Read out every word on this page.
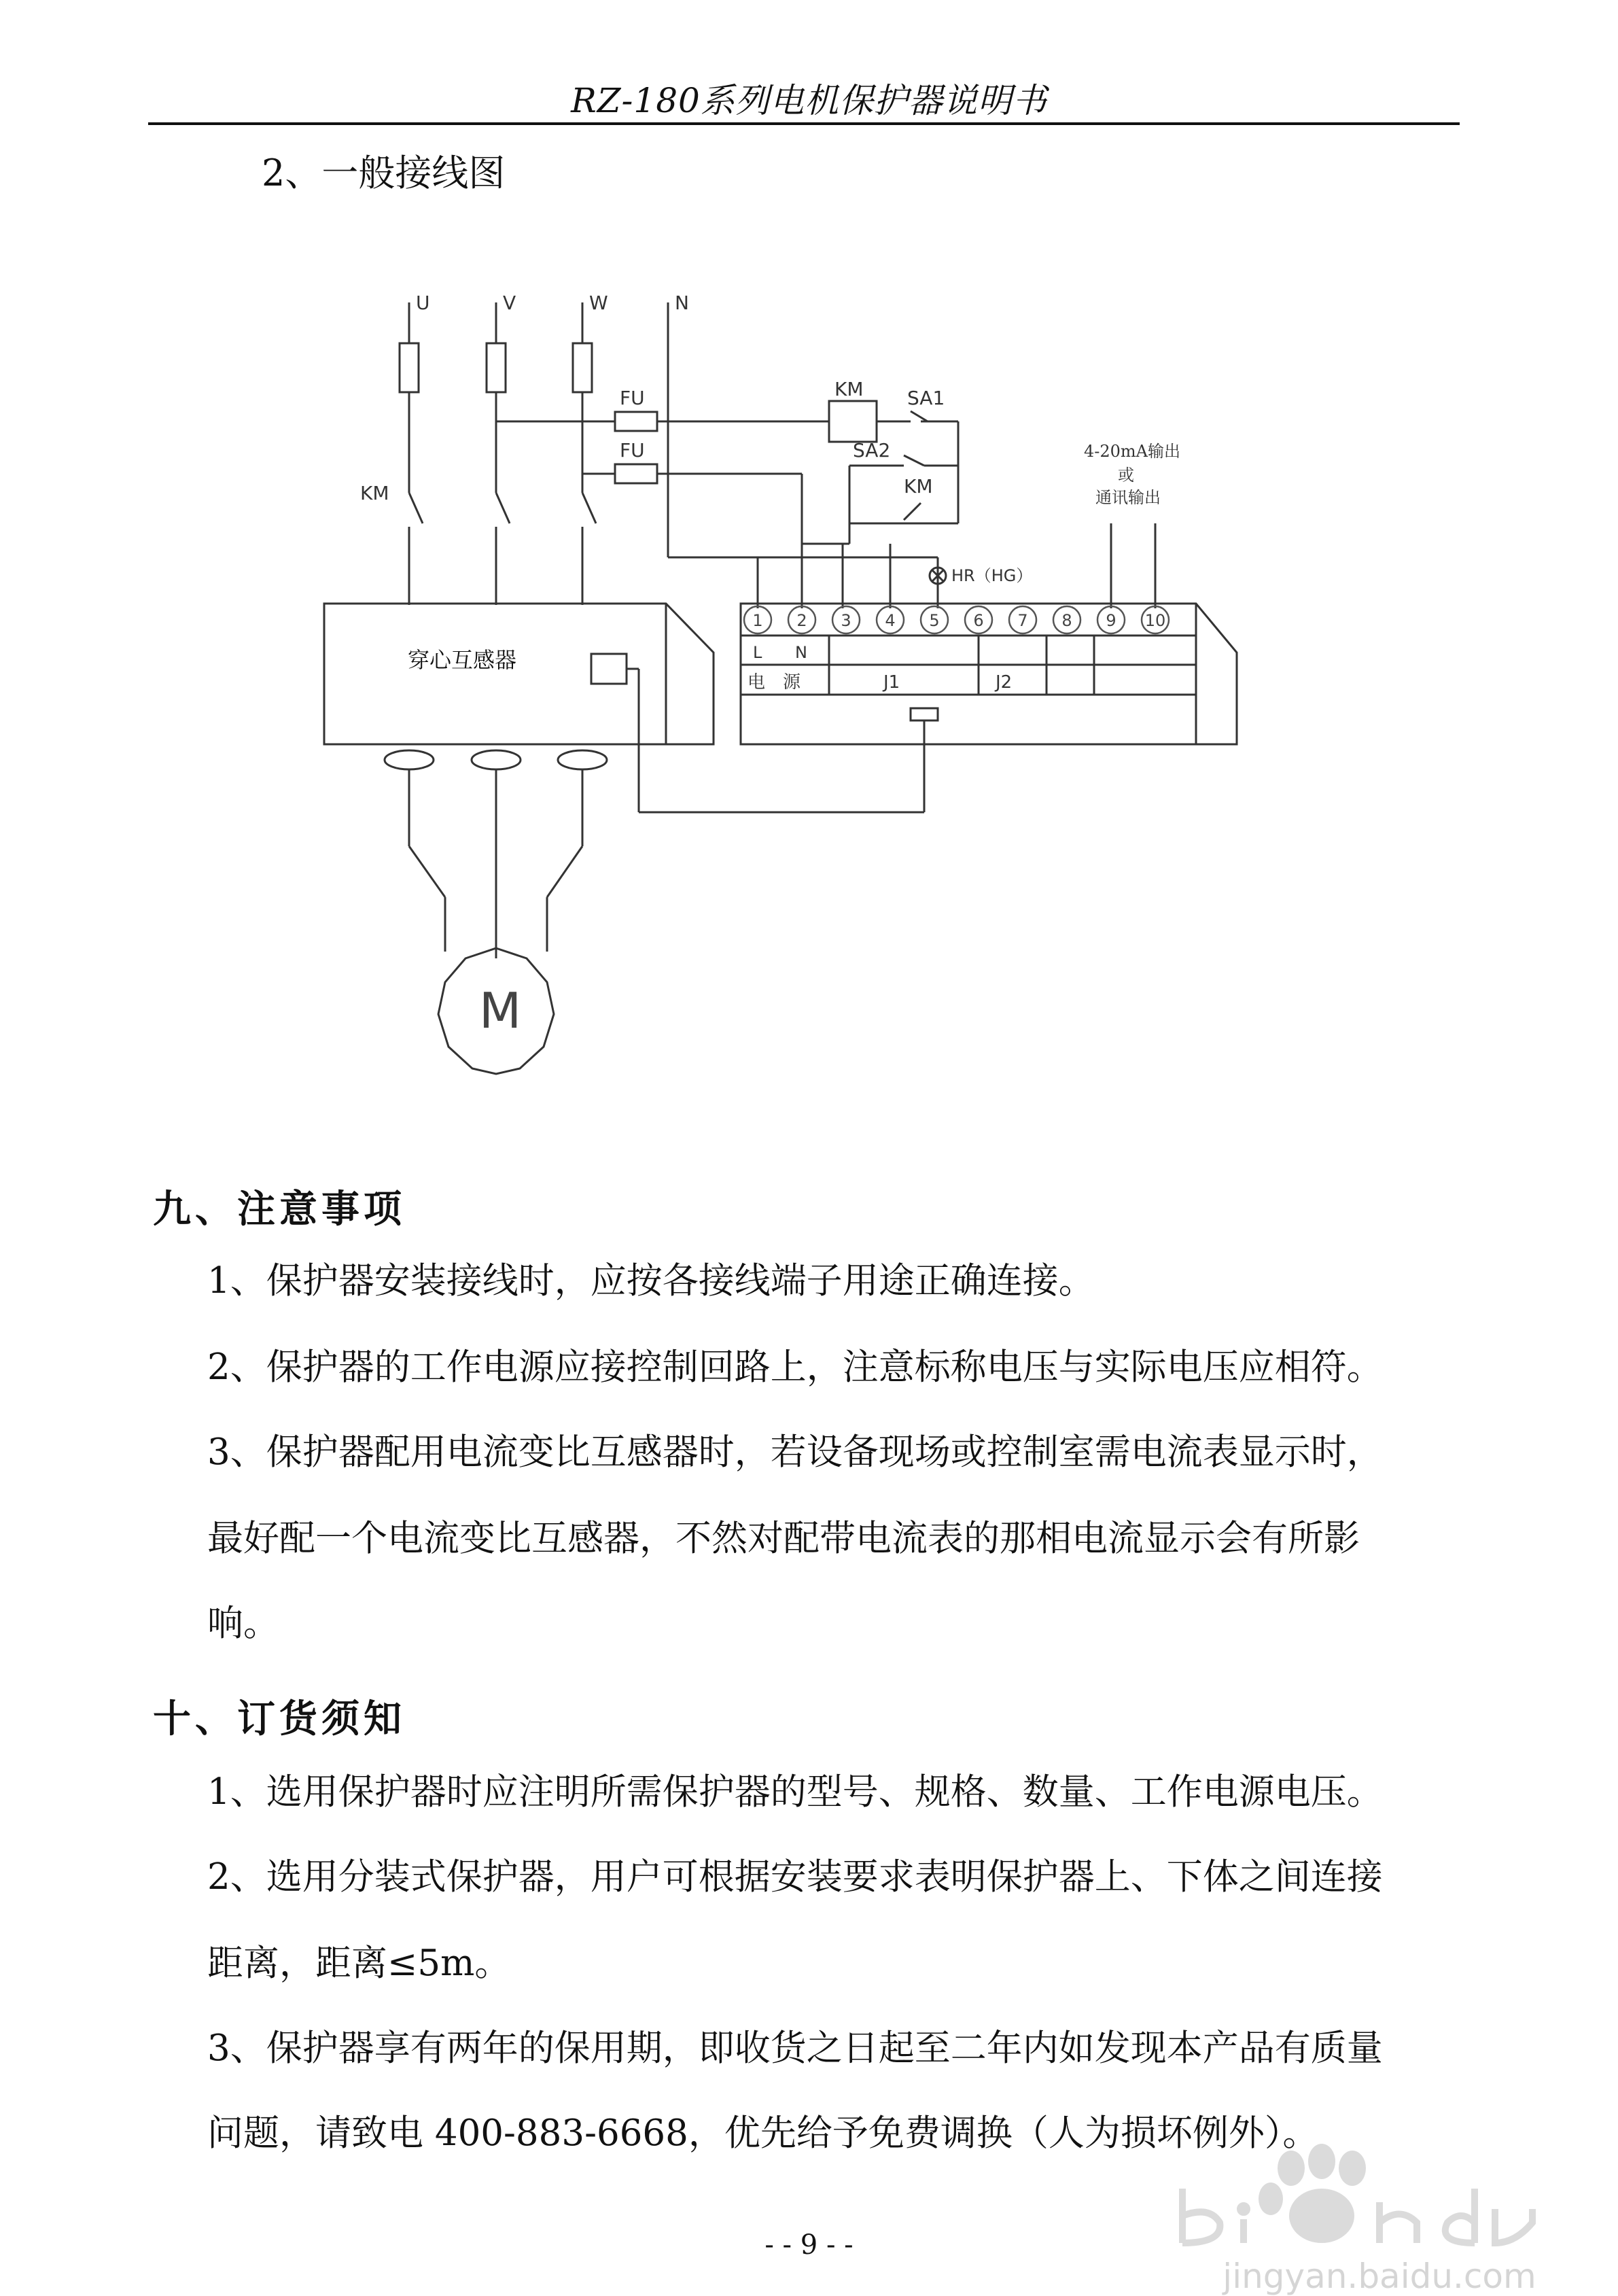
RZ-180系列电机保护器说明书
2、一般接线图
U	V	W	N
KM
FU
FU
KM SA1
SA2
KM
HR（HG）
4-20mA输出
或
通讯输出
穿心互感器	L N
电　源	J1	J2
M
1 2 3 4 5 6 7 8 9 10
九、注意事项
1、保护器安装接线时，应按各接线端子用途正确连接。
2、保护器的工作电源应接控制回路上，注意标称电压与实际电压应相符。
3、保护器配用电流变比互感器时，若设备现场或控制室需电流表显示时，
最好配一个电流变比互感器，不然对配带电流表的那相电流显示会有所影
响。
十、订货须知
1、选用保护器时应注明所需保护器的型号、规格、数量、工作电源电压。
2、选用分装式保护器，用户可根据安装要求表明保护器上、下体之间连接
距离，距离≤5m。
3、保护器享有两年的保用期，即收货之日起至二年内如发现本产品有质量
问题，请致电 400-883-6668，优先给予免费调换（人为损坏例外）。
- - 9 - -
jingyan.baidu.com
